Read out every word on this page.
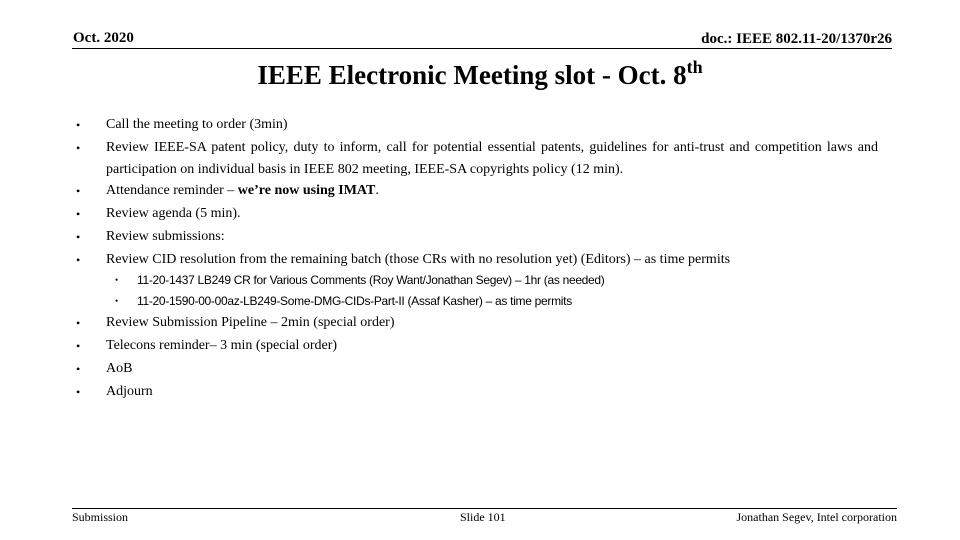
Oct. 2020	doc.: IEEE 802.11-20/1370r26
IEEE Electronic Meeting slot - Oct. 8th
• Call the meeting to order (3min)
• Review IEEE-SA patent policy, duty to inform, call for potential essential patents, guidelines for anti-trust and competition laws and participation on individual basis in IEEE 802 meeting, IEEE-SA copyrights policy (12 min).
• Attendance reminder – we’re now using IMAT.
• Review agenda (5 min).
• Review submissions:
• Review CID resolution from the remaining batch (those CRs with no resolution yet) (Editors) – as time permits
• 11-20-1437 LB249 CR for Various Comments (Roy Want/Jonathan Segev) – 1hr (as needed)
• 11-20-1590-00-00az-LB249-Some-DMG-CIDs-Part-II (Assaf Kasher) – as time permits
• Review Submission Pipeline – 2min (special order)
• Telecons reminder– 3 min (special order)
• AoB
• Adjourn
Submission	Slide 101	Jonathan Segev, Intel corporation
